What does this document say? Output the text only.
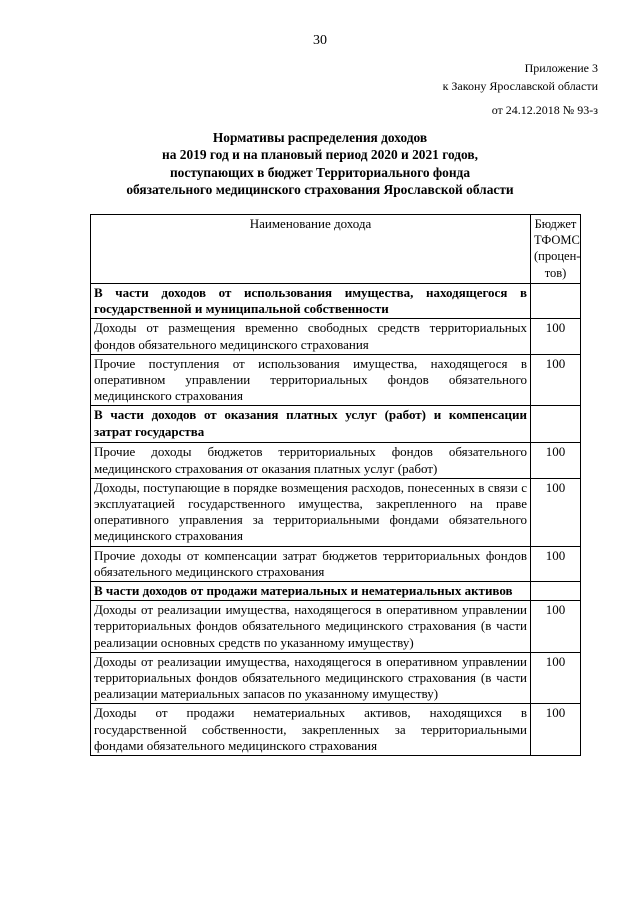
30
Приложение 3
к Закону Ярославской области
от 24.12.2018 № 93-з
Нормативы распределения доходов
на 2019 год и на плановый период 2020 и 2021 годов,
поступающих в бюджет Территориального фонда
обязательного медицинского страхования Ярославской области
Наименование дохода	Бюджет
ТФОМС
(процен-
тов)

В части доходов от использования имущества, находящегося в государственной и муниципальной собственности	
Доходы от размещения временно свободных средств территориальных фондов обязательного медицинского страхования	100
Прочие поступления от использования имущества, находящегося в оперативном управлении территориальных фондов обязательного медицинского страхования	100
В части доходов от оказания платных услуг (работ) и компенсации затрат государства	
Прочие доходы бюджетов территориальных фондов обязательного медицинского страхования от оказания платных услуг (работ)	100
Доходы, поступающие в порядке возмещения расходов, понесенных в связи с эксплуатацией государственного имущества, закрепленного на праве оперативного управления за территориальными фондами обязательного медицинского страхования	100
Прочие доходы от компенсации затрат бюджетов территориальных фондов обязательного медицинского страхования	100
В части доходов от продажи материальных и нематериальных активов	
Доходы от реализации имущества, находящегося в оперативном управлении территориальных фондов обязательного медицинского страхования (в части реализации основных средств по указанному имуществу)	100
Доходы от реализации имущества, находящегося в оперативном управлении территориальных фондов обязательного медицинского страхования (в части реализации материальных запасов по указанному имуществу)	100
Доходы от продажи нематериальных активов, находящихся в государственной собственности, закрепленных за территориальными фондами обязательного медицинского страхования	100
